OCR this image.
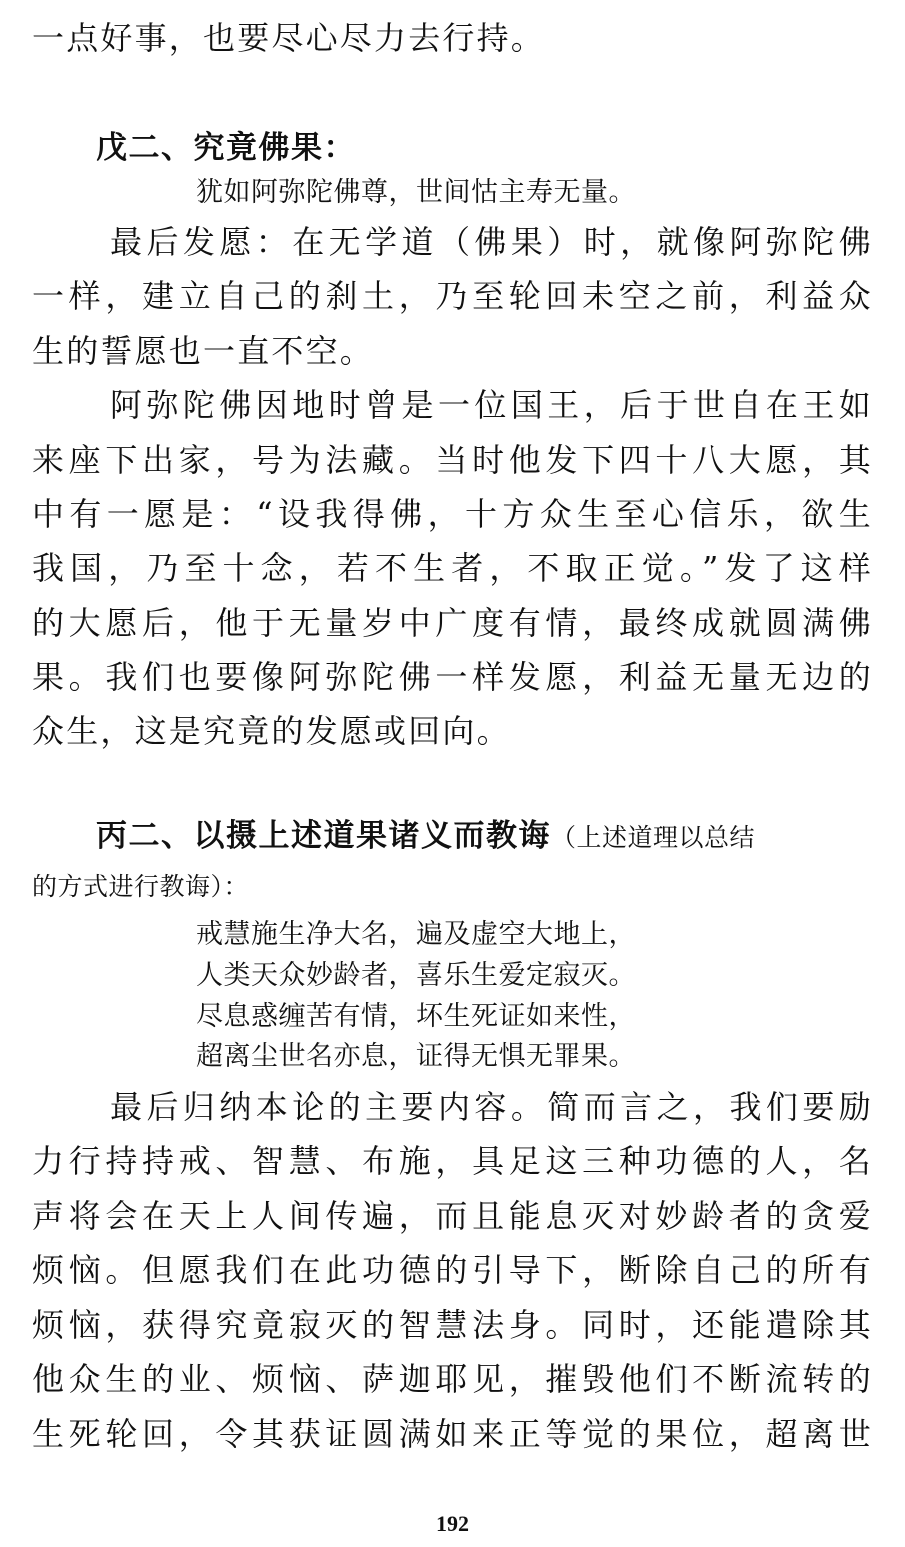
一点好事，也要尽心尽力去行持。
戊二、究竟佛果：
犹如阿弥陀佛尊，世间怙主寿无量。
最后发愿：在无学道（佛果）时，就像阿弥陀佛
一样，建立自己的刹土，乃至轮回未空之前，利益众
生的誓愿也一直不空。
阿弥陀佛因地时曾是一位国王，后于世自在王如
来座下出家，号为法藏。当时他发下四十八大愿，其
中有一愿是：“设我得佛，十方众生至心信乐，欲生
我国，乃至十念，若不生者，不取正觉。”发了这样
的大愿后，他于无量岁中广度有情，最终成就圆满佛
果。我们也要像阿弥陀佛一样发愿，利益无量无边的
众生，这是究竟的发愿或回向。
丙二、以摄上述道果诸义而教诲（上述道理以总结
的方式进行教诲）：
戒慧施生净大名，遍及虚空大地上，
人类天众妙龄者，喜乐生爱定寂灭。
尽息惑缠苦有情，坏生死证如来性，
超离尘世名亦息，证得无惧无罪果。
最后归纳本论的主要内容。简而言之，我们要励
力行持持戒、智慧、布施，具足这三种功德的人，名
声将会在天上人间传遍，而且能息灭对妙龄者的贪爱
烦恼。但愿我们在此功德的引导下，断除自己的所有
烦恼，获得究竟寂灭的智慧法身。同时，还能遣除其
他众生的业、烦恼、萨迦耶见，摧毁他们不断流转的
生死轮回，令其获证圆满如来正等觉的果位，超离世
192
